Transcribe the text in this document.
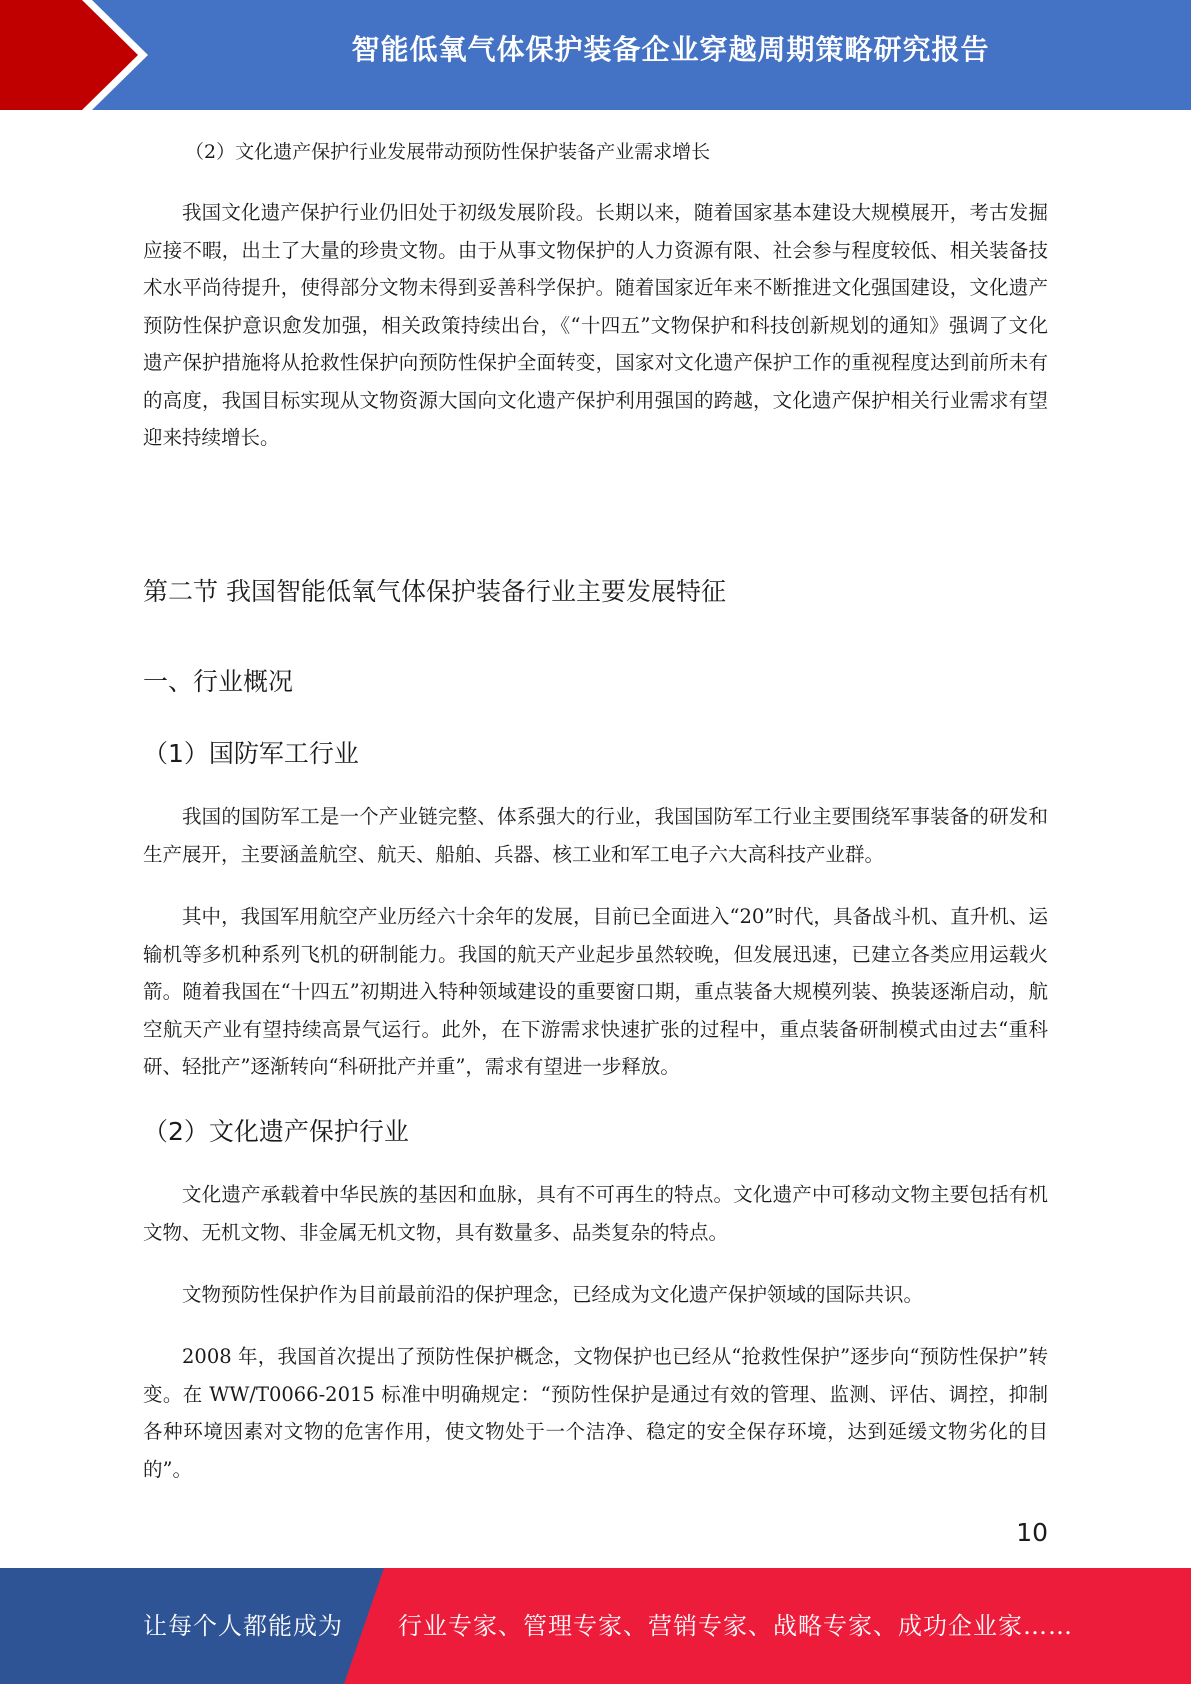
智能低氧气体保护装备企业穿越周期策略研究报告
（2）文化遗产保护行业发展带动预防性保护装备产业需求增长
我国文化遗产保护行业仍旧处于初级发展阶段。长期以来，随着国家基本建设大规模展开，考古发掘应接不暇，出土了大量的珍贵文物。由于从事文物保护的人力资源有限、社会参与程度较低、相关装备技术水平尚待提升，使得部分文物未得到妥善科学保护。随着国家近年来不断推进文化强国建设，文化遗产预防性保护意识愈发加强，相关政策持续出台，《“十四五”文物保护和科技创新规划的通知》强调了文化遗产保护措施将从抢救性保护向预防性保护全面转变，国家对文化遗产保护工作的重视程度达到前所未有的高度，我国目标实现从文物资源大国向文化遗产保护利用强国的跨越，文化遗产保护相关行业需求有望迎来持续增长。
第二节 我国智能低氧气体保护装备行业主要发展特征
一、行业概况
（1）国防军工行业
我国的国防军工是一个产业链完整、体系强大的行业，我国国防军工行业主要围绕军事装备的研发和生产展开，主要涵盖航空、航天、船舶、兵器、核工业和军工电子六大高科技产业群。
其中，我国军用航空产业历经六十余年的发展，目前已全面进入“20”时代，具备战斗机、直升机、运输机等多机种系列飞机的研制能力。我国的航天产业起步虽然较晚，但发展迅速，已建立各类应用运载火箭。随着我国在“十四五”初期进入特种领域建设的重要窗口期，重点装备大规模列装、换装逐渐启动，航空航天产业有望持续高景气运行。此外，在下游需求快速扩张的过程中，重点装备研制模式由过去“重科研、轻批产”逐渐转向“科研批产并重”，需求有望进一步释放。
（2）文化遗产保护行业
文化遗产承载着中华民族的基因和血脉，具有不可再生的特点。文化遗产中可移动文物主要包括有机文物、无机文物、非金属无机文物，具有数量多、品类复杂的特点。
文物预防性保护作为目前最前沿的保护理念，已经成为文化遗产保护领域的国际共识。
2008 年，我国首次提出了预防性保护概念，文物保护也已经从“抢救性保护”逐步向“预防性保护”转变。在 WW/T0066-2015 标准中明确规定：“预防性保护是通过有效的管理、监测、评估、调控，抑制各种环境因素对文物的危害作用，使文物处于一个洁净、稳定的安全保存环境，达到延缓文物劣化的目的”。
10
让每个人都能成为 行业专家、管理专家、营销专家、战略专家、成功企业家……
